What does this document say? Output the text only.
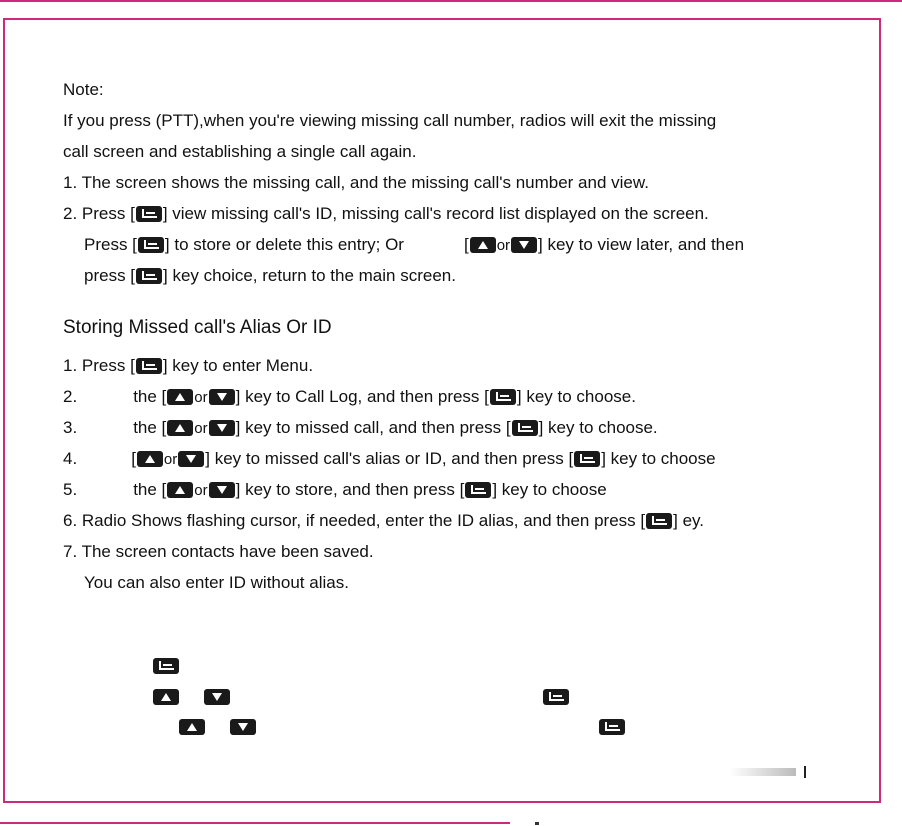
Note:
If you press (PTT),when you're viewing missing call number, radios will exit the missing
call screen and establishing a single call again.
1. The screen shows the missing call, and the missing call's number and view.
2. Press [ ] view missing call's ID, missing call's record list displayed on the screen.
Press [ ] to store or delete this entry; Or	[ or ] key to view later, and then
press [ ] key choice, return to the main screen.
Storing Missed call's Alias Or ID
1. Press [ ] key to enter Menu.
2.	the [ or ] key to Call Log, and then press [ ] key to choose.
3.	the [ or ] key to missed call, and then press [ ] key to choose.
4.	[ or ] key to missed call's alias or ID, and then press [ ] key to choose
5.	the [ or ] key to store, and then press [ ] key to choose
6. Radio Shows flashing cursor, if needed, enter the ID alias, and then press [ ] ey.
7. The screen contacts have been saved.
You can also enter ID without alias.
